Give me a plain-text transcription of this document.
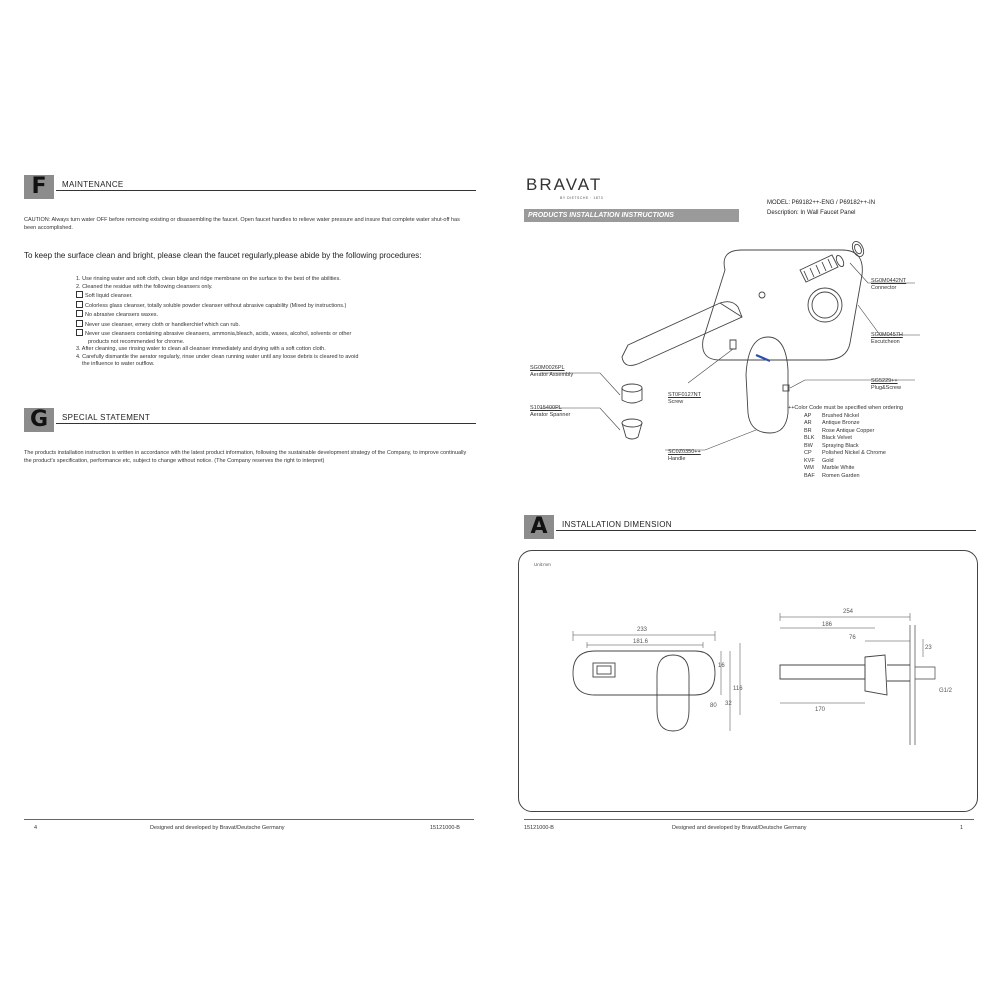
F	MAINTENANCE
CAUTION: Always turn water OFF before removing existing or disassembling the faucet. Open faucet handles to relieve water pressure and insure that complete water shut-off has been accomplished.
To keep the surface clean and bright, please clean the faucet regularly,please abide by the following procedures:
1. Use rinsing water and soft cloth, clean bilge and ridge membrane on the surface to the best of the abilities.
2. Cleaned the residue with the following cleansers only.
Soft liquid cleanser.
Colorless glass cleanser, totally soluble powder cleanser without abrasive capability (Mixed by instructions.)
No abrasive cleansers waxes.
Never use cleanser, emery cloth or handkerchief which can rub.
Never use cleansers containing abrasive cleansers, ammonia,bleach, acids, waxes, alcohol, solvents or other
products not recommended for chrome.
3. After cleaning, use rinsing water to clean all cleanser immediately and drying with a soft cotton cloth.
4. Carefully dismantle the aerator regularly, rinse under clean running water until any loose debris is cleared to avoid
the influence to water outflow.
G	SPECIAL STATEMENT
The products installation instruction is written in accordance with the latest product information, following the sustainable development strategy of the Company, to improve continually the product's specification, performance etc, subject to change without notice. (The Company reserves the right to interpret)
4	Designed and developed by Bravat/Deutsche Germany	15121000-B
BRAVAT
BY DIETSCHE · 1873
PRODUCTS INSTALLATION INSTRUCTIONS
MODEL: P69182++-ENG / P69182++-IN
Description: In Wall Faucet Panel
SG0M0442NT
Connector
SG0M0457H
Escutcheon
SG5229++
Plug&Screw
SG0M0026PL
Aerator Assembly
S1015400PL
Aerator Spanner
ST0F0127NT
Screw
SC0Z0350++
Handle
++Color Code must be specified when ordering
AP Brushed Nickel
AR Antique Bronze
BR Rose Antique Copper
BLK Black Velvet
BW Spraying Black
CP Polished Nickel & Chrome
KVF Gold
WM Marble White
BAF Romen Garden
A	INSTALLATION DIMENSION
Unit:mm
233
181.6
16
32
80
116
254
186
76
170
23
G1/2
15121000-B	Designed and developed by Bravat/Deutsche Germany	1
